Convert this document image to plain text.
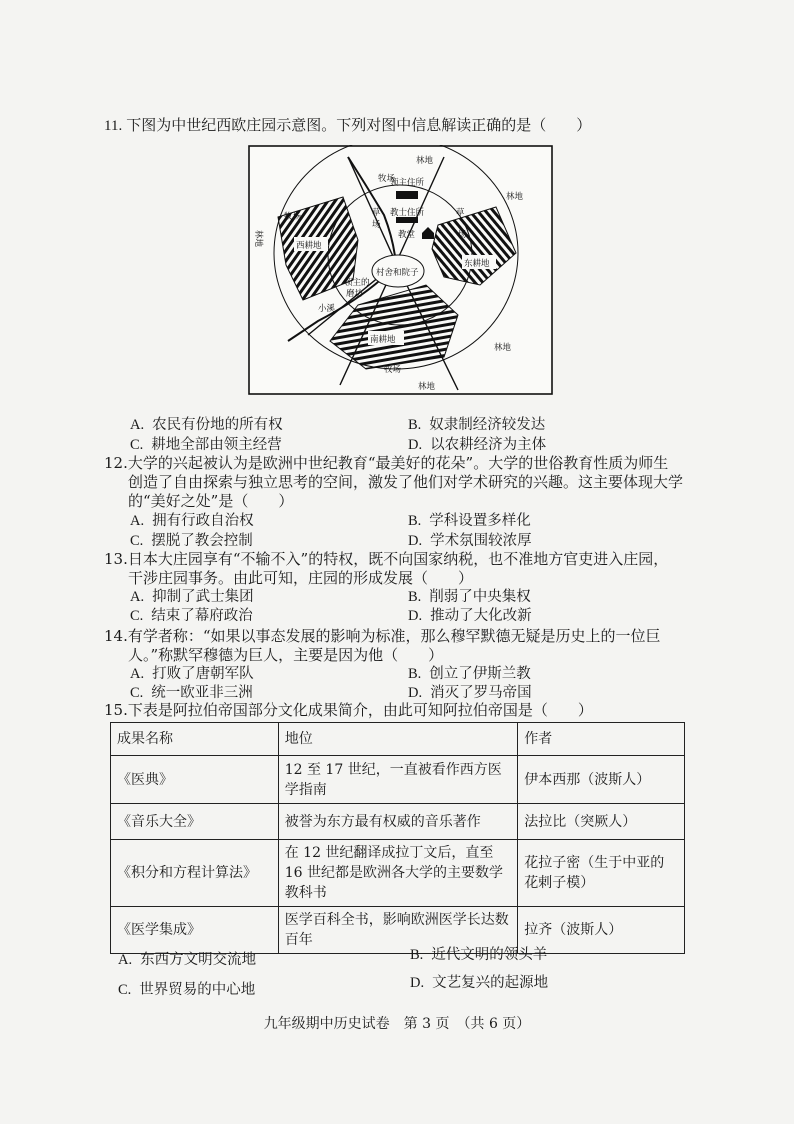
11. 下图为中世纪西欧庄园示意图。下列对图中信息解读正确的是（　　）
林地
牧场
林地
林地
牧场
领主住所
教士住所
教堂
草
场
草
场
西耕地
东耕地
南耕地
村舍和院子
领主的
磨坊
小溪
林地
牧场
林地
A. 农民有份地的所有权	B. 奴隶制经济较发达
C. 耕地全部由领主经营	D. 以农耕经济为主体
12.大学的兴起被认为是欧洲中世纪教育“最美好的花朵”。大学的世俗教育性质为师生
创造了自由探索与独立思考的空间，激发了他们对学术研究的兴趣。这主要体现大学
的“美好之处”是（　　）
A. 拥有行政自治权	B. 学科设置多样化
C. 摆脱了教会控制	D. 学术氛围较浓厚
13.日本大庄园享有“不输不入”的特权，既不向国家纳税，也不准地方官吏进入庄园，
干涉庄园事务。由此可知，庄园的形成发展（　　）
A. 抑制了武士集团	B. 削弱了中央集权
C. 结束了幕府政治	D. 推动了大化改新
14.有学者称：“如果以事态发展的影响为标准，那么穆罕默德无疑是历史上的一位巨
人。”称默罕穆德为巨人，主要是因为他（　　）
A. 打败了唐朝军队	B. 创立了伊斯兰教
C. 统一欧亚非三洲	D. 消灭了罗马帝国
15.下表是阿拉伯帝国部分文化成果简介，由此可知阿拉伯帝国是（　　）
成果名称	地位	作者
《医典》	12 至 17 世纪，一直被看作西方医学指南	伊本西那（波斯人）
《音乐大全》	被誉为东方最有权威的音乐著作	法拉比（突厥人）
《积分和方程计算法》	在 12 世纪翻译成拉丁文后，直至 16 世纪都是欧洲各大学的主要数学教科书	花拉子密（生于中亚的花剌子模）
《医学集成》	医学百科全书，影响欧洲医学长达数百年	拉齐（波斯人）
A. 东西方文明交流地	B. 近代文明的领头羊
C. 世界贸易的中心地	D. 文艺复兴的起源地
九年级期中历史试卷　第 3 页　（共 6 页）
